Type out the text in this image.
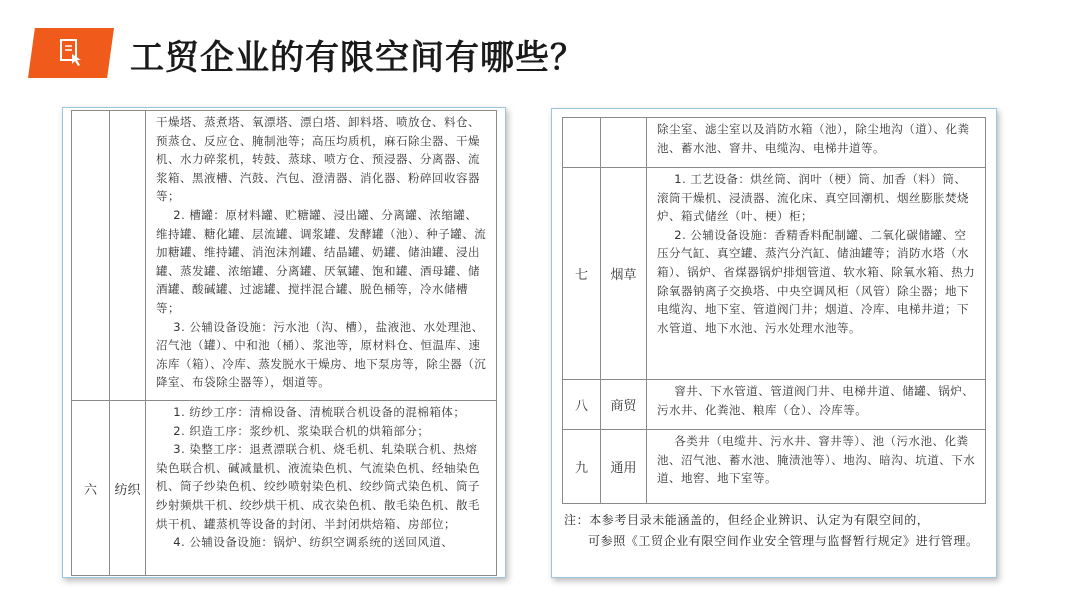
工贸企业的有限空间有哪些？

		干燥塔、蒸煮塔、氧漂塔、漂白塔、卸料塔、喷放仓、料仓、预蒸仓、反应仓、腌制池等；高压均质机，麻石除尘器、干燥机、水力碎浆机，转鼓、蒸球、喷方仓、预浸器、分离器、流浆箱、黑液槽、汽鼓、汽包、澄清器、消化器、粉碎回收容器等；

2. 槽罐：原材料罐、贮糖罐、浸出罐、分离罐、浓缩罐、维持罐、糖化罐、层流罐、调浆罐、发酵罐（池）、种子罐、流加糖罐、维持罐、消泡沫剂罐、结晶罐、奶罐、储油罐、浸出罐、蒸发罐、浓缩罐、分离罐、厌氧罐、饱和罐、酒母罐、储酒罐、酸碱罐、过滤罐、搅拌混合罐、脱色桶等，冷水储槽等；

3. 公辅设备设施：污水池（沟、槽），盐液池、水处理池、沼气池（罐）、中和池（桶）、浆池等，原材料仓、恒温库、速冻库（箱）、冷库、蒸发脱水干燥房、地下泵房等，除尘器（沉降室、布袋除尘器等），烟道等。

六	纺织	1. 纺纱工序：清棉设备、清梳联合机设备的混棉箱体；

2. 织造工序：浆纱机、浆染联合机的烘箱部分；

3. 染整工序：退煮漂联合机、烧毛机、轧染联合机、热熔染色联合机、碱减量机、液流染色机、气流染色机、经轴染色机、筒子纱染色机、绞纱喷射染色机、绞纱筒式染色机、筒子纱射频烘干机、绞纱烘干机、成衣染色机、散毛染色机、散毛烘干机、罐蒸机等设备的封闭、半封闭烘焙箱、房部位；

4. 公辅设备设施：锅炉、纺织空调系统的送回风道、

		除尘室、滤尘室以及消防水箱（池），除尘地沟（道）、化粪池、蓄水池、窨井、电缆沟、电梯井道等。
七	烟草	1. 工艺设备：烘丝筒、润叶（梗）筒、加香（料）筒、滚筒干燥机、浸渍器、流化床、真空回潮机、烟丝膨胀焚烧炉、箱式储丝（叶、梗）柜；

2. 公辅设备设施：香精香料配制罐、二氧化碳储罐、空压分气缸、真空罐、蒸汽分汽缸、储油罐等；消防水塔（水箱）、锅炉、省煤器锅炉排烟管道、软水箱、除氧水箱、热力除氧器钠离子交换塔、中央空调风柜（风管）除尘器；地下电缆沟、地下室、管道阀门井；烟道、冷库、电梯井道；下水管道、地下水池、污水处理水池等。

八	商贸	窨井、下水管道、管道阀门井、电梯井道、储罐、锅炉、污水井、化粪池、粮库（仓）、冷库等。

九	通用	各类井（电缆井、污水井、窨井等）、池（污水池、化粪池、沼气池、蓄水池、腌渍池等）、地沟、暗沟、坑道、下水道、地窖、地下室等。

注：本参考目录未能涵盖的，但经企业辨识、认定为有限空间的，

可参照《工贸企业有限空间作业安全管理与监督暂行规定》进行管理。
